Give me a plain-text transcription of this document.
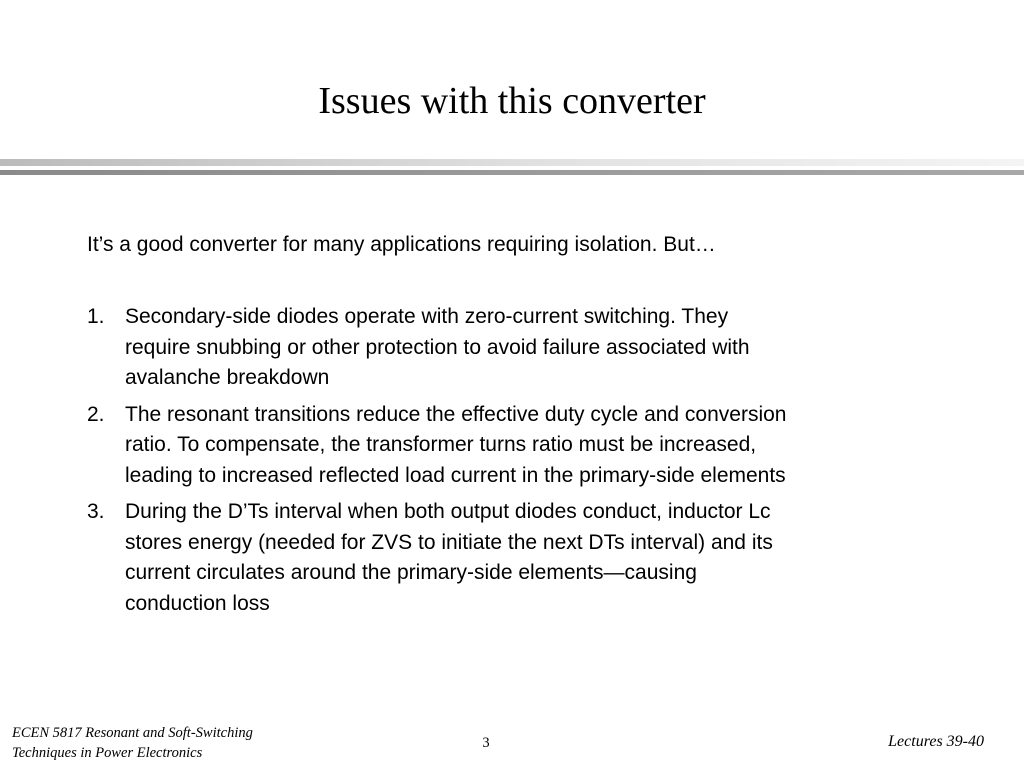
Issues with this converter
It’s a good converter for many applications requiring isolation. But…
1. Secondary-side diodes operate with zero-current switching. They
require snubbing or other protection to avoid failure associated with
avalanche breakdown
2. The resonant transitions reduce the effective duty cycle and conversion
ratio. To compensate, the transformer turns ratio must be increased,
leading to increased reflected load current in the primary-side elements
3. During the D’Ts interval when both output diodes conduct, inductor Lc
stores energy (needed for ZVS to initiate the next DTs interval) and its
current circulates around the primary-side elements—causing
conduction loss
ECEN 5817 Resonant and Soft-Switching
Techniques in Power Electronics
3	Lectures 39-40
